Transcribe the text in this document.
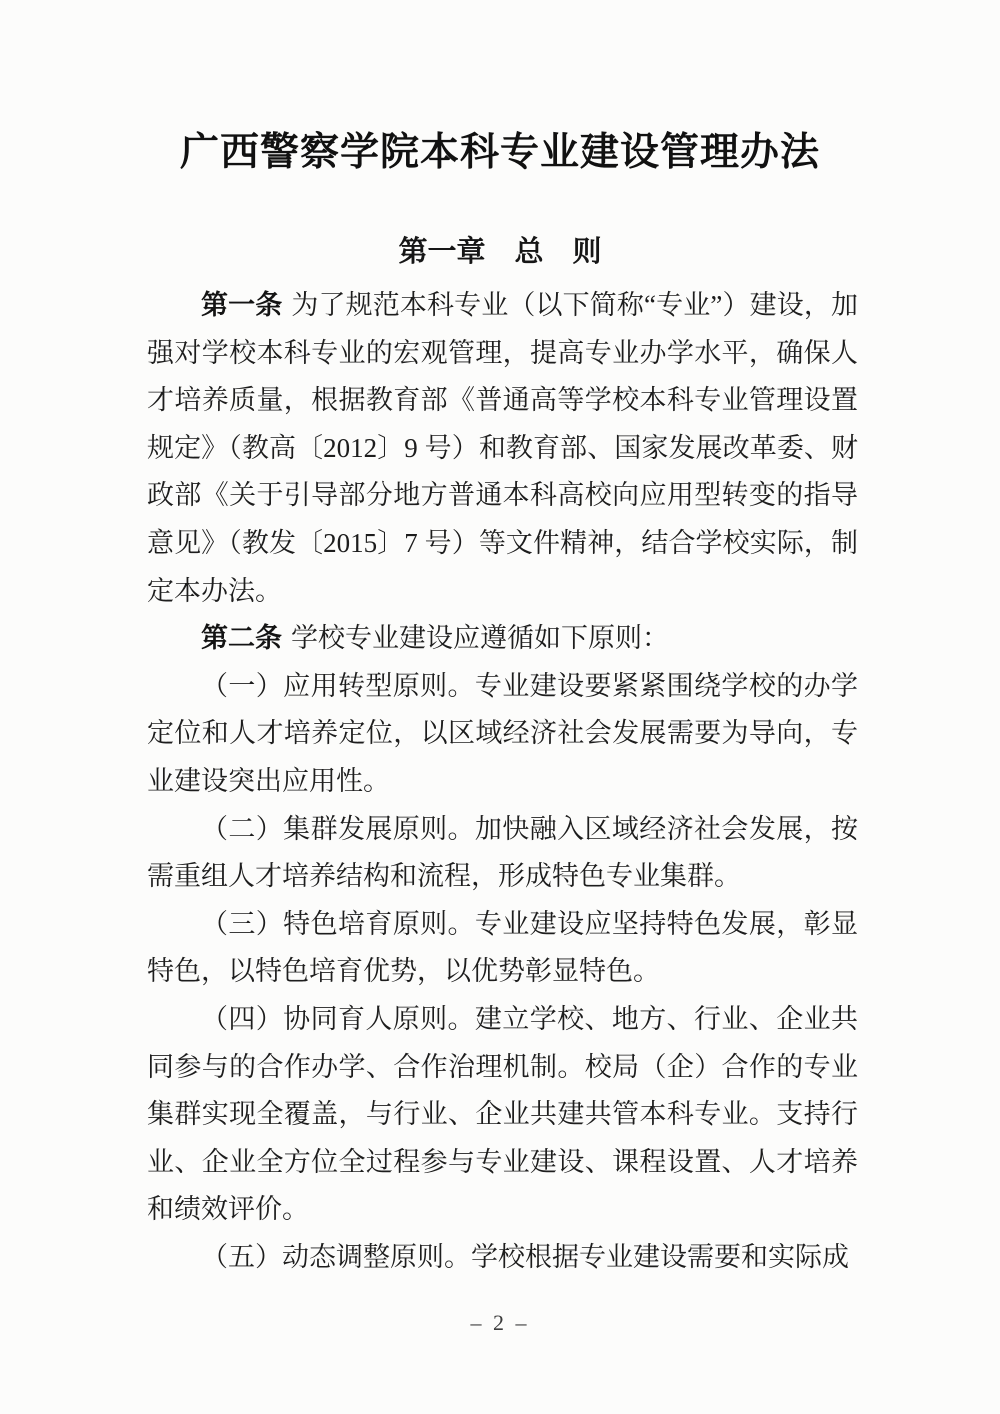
广西警察学院本科专业建设管理办法
第一章　总　则

第一条 为了规范本科专业（以下简称“专业”）建设，加强对学校本科专业的宏观管理，提高专业办学水平，确保人才培养质量，根据教育部《普通高等学校本科专业管理设置规定》（教高〔2012〕9 号）和教育部、国家发展改革委、财政部《关于引导部分地方普通本科高校向应用型转变的指导意见》（教发〔2015〕7 号）等文件精神，结合学校实际，制定本办法。

第二条 学校专业建设应遵循如下原则：

（一）应用转型原则。专业建设要紧紧围绕学校的办学定位和人才培养定位，以区域经济社会发展需要为导向，专业建设突出应用性。

（二）集群发展原则。加快融入区域经济社会发展，按需重组人才培养结构和流程，形成特色专业集群。

（三）特色培育原则。专业建设应坚持特色发展，彰显特色，以特色培育优势，以优势彰显特色。

（四）协同育人原则。建立学校、地方、行业、企业共同参与的合作办学、合作治理机制。校局（企）合作的专业集群实现全覆盖，与行业、企业共建共管本科专业。支持行业、企业全方位全过程参与专业建设、课程设置、人才培养和绩效评价。

（五）动态调整原则。学校根据专业建设需要和实际成

– 2 –
